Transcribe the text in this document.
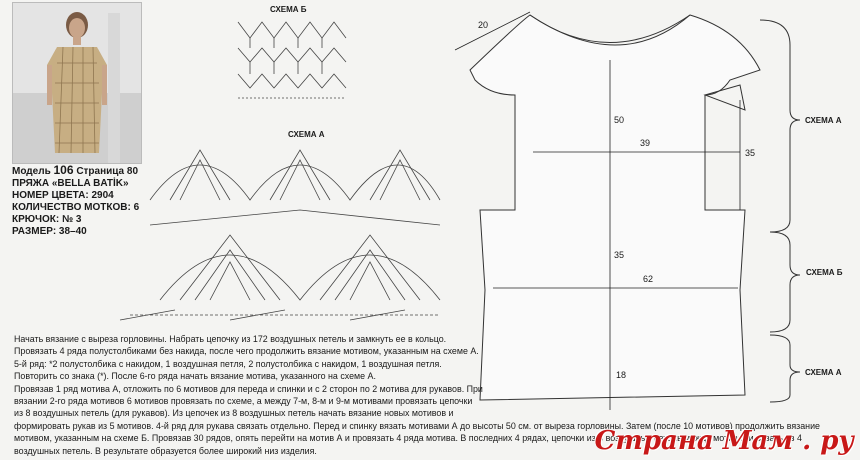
Модель 106 Страница 80
ПРЯЖА «BELLA BATİK»
НОМЕР ЦВЕТА: 2904
КОЛИЧЕСТВО МОТКОВ: 6
КРЮЧОК: № 3
РАЗМЕР: 38–40
СХЕМА Б
СХЕМА А
20
50
39
35
35
62
18
СХЕМА А
СХЕМА Б
СХЕМА А

Начать вязание с выреза горловины. Набрать цепочку из 172 воздушных петель и замкнуть ее в кольцо.

Провязать 4 ряда полустолбиками без накида, после чего продолжить вязание мотивом, указанным на схеме А.

5-й ряд: *2 полустолбика с накидом, 1 воздушная петля, 2 полустолбика с накидом, 1 воздушная петля.

Повторить со знака (*). После 6-го ряда начать вязание мотива, указанного на схеме А.

Провязав 1 ряд мотива А, отложить по 6 мотивов для переда и спинки и с 2 сторон по 2 мотива для рукавов. При

вязании 2-го ряда мотивов 6 мотивов провязать по схеме, а между 7-м, 8-м и 9-м мотивами провязать цепочки

из 8 воздушных петель (для рукавов). Из цепочек из 8 воздушных петель начать вязание новых мотивов и

формировать рукав из 5 мотивов. 4-й ряд для рукава связать отдельно. Перед и спинку вязать мотивами А до высоты 50 см. от выреза горловины. Затем (после 10 мотивов) продолжить вязание

мотивом, указанным на схеме Б. Провязав 30 рядов, опять перейти на мотив А и провязать 4 ряда мотива. В последних 4 рядах, цепочки из 3 воздушных петель между мотивами вязать из 4

воздушных петель. В результате образуется более широкий низ изделия.	Страна Мам . ру
